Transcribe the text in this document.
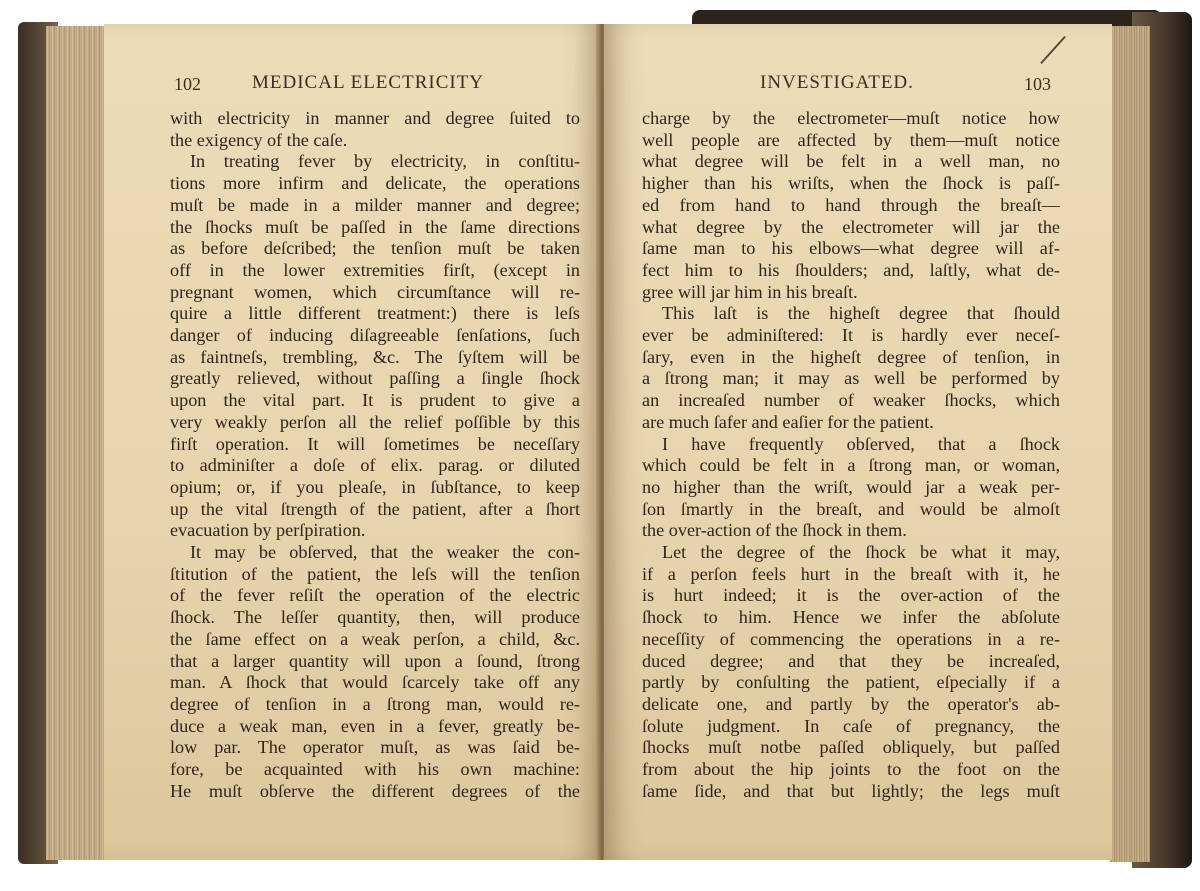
102	MEDICAL ELECTRICITY
with electricity in manner and degree ſuited to
the exigency of the caſe.
In treating fever by electricity, in conſtitu-
tions more infirm and delicate, the operations
muſt be made in a milder manner and degree;
the ſhocks muſt be paſſed in the ſame directions
as before deſcribed; the tenſion muſt be taken
off in the lower extremities firſt, (except in
pregnant women, which circumſtance will re-
quire a little different treatment:) there is leſs
danger of inducing diſagreeable ſenſations, ſuch
as faintneſs, trembling, &c. The ſyſtem will be
greatly relieved, without paſſing a ſingle ſhock
upon the vital part. It is prudent to give a
very weakly perſon all the relief poſſible by this
firſt operation. It will ſometimes be neceſſary
to adminiſter a doſe of elix. parag. or diluted
opium; or, if you pleaſe, in ſubſtance, to keep
up the vital ſtrength of the patient, after a ſhort
evacuation by perſpiration.
It may be obſerved, that the weaker the con-
ſtitution of the patient, the leſs will the tenſion
of the fever reſiſt the operation of the electric
ſhock. The leſſer quantity, then, will produce
the ſame effect on a weak perſon, a child, &c.
that a larger quantity will upon a ſound, ſtrong
man. A ſhock that would ſcarcely take off any
degree of tenſion in a ſtrong man, would re-
duce a weak man, even in a fever, greatly be-
low par. The operator muſt, as was ſaid be-
fore, be acquainted with his own machine:
He muſt obſerve the different degrees of the
INVESTIGATED.	103
charge by the electrometer—muſt notice how
well people are affected by them—muſt notice
what degree will be felt in a well man, no
higher than his wriſts, when the ſhock is paſſ-
ed from hand to hand through the breaſt—
what degree by the electrometer will jar the
ſame man to his elbows—what degree will af-
fect him to his ſhoulders; and, laſtly, what de-
gree will jar him in his breaſt.
This laſt is the higheſt degree that ſhould
ever be adminiſtered: It is hardly ever neceſ-
ſary, even in the higheſt degree of tenſion, in
a ſtrong man; it may as well be performed by
an increaſed number of weaker ſhocks, which
are much ſafer and eaſier for the patient.
I have frequently obſerved, that a ſhock
which could be felt in a ſtrong man, or woman,
no higher than the wriſt, would jar a weak per-
ſon ſmartly in the breaſt, and would be almoſt
the over-action of the ſhock in them.
Let the degree of the ſhock be what it may,
if a perſon feels hurt in the breaſt with it, he
is hurt indeed; it is the over-action of the
ſhock to him. Hence we infer the abſolute
neceſſity of commencing the operations in a re-
duced degree; and that they be increaſed,
partly by conſulting the patient, eſpecially if a
delicate one, and partly by the operator's ab-
ſolute judgment. In caſe of pregnancy, the
ſhocks muſt notbe paſſed obliquely, but paſſed
from about the hip joints to the foot on the
ſame ſide, and that but lightly; the legs muſt
